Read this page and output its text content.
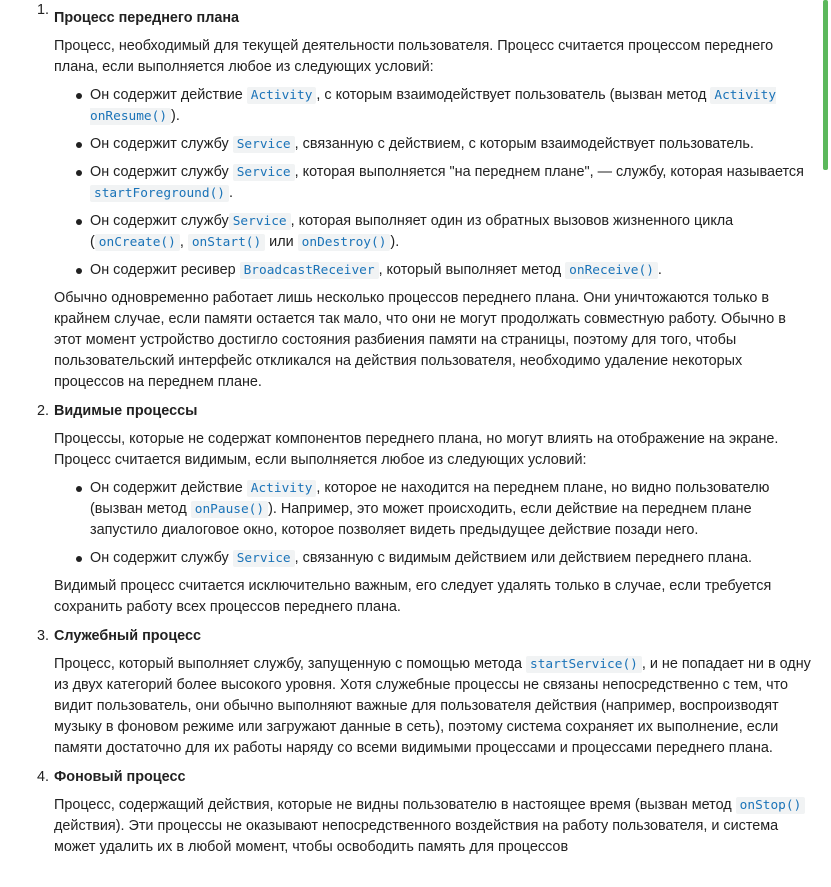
1. Процесс переднего плана

Процесс, необходимый для текущей деятельности пользователя. Процесс считается процессом переднего плана, если выполняется любое из следующих условий:

Он содержит действие Activity , с которым взаимодействует пользователь (вызван метод Activity onResume() ).
Он содержит службу Service , связанную с действием, с которым взаимодействует пользователь.
Он содержит службу Service , которая выполняется "на переднем плане", — службу, которая называется startForeground() .
Он содержит службу Service , которая выполняет один из обратных вызовов жизненного цикла ( onCreate() , onStart() или onDestroy() ).
Он содержит ресивер BroadcastReceiver , который выполняет метод onReceive() .

Обычно одновременно работает лишь несколько процессов переднего плана. Они уничтожаются только в крайнем случае, если памяти остается так мало, что они не могут продолжать совместную работу. Обычно в этот момент устройство достигло состояния разбиения памяти на страницы, поэтому для того, чтобы пользовательский интерфейс откликался на действия пользователя, необходимо удаление некоторых процессов на переднем плане.

2. Видимые процессы

Процессы, которые не содержат компонентов переднего плана, но могут влиять на отображение на экране. Процесс считается видимым, если выполняется любое из следующих условий:

Он содержит действие Activity , которое не находится на переднем плане, но видно пользователю (вызван метод onPause() ). Например, это может происходить, если действие на переднем плане запустило диалоговое окно, которое позволяет видеть предыдущее действие позади него.
Он содержит службу Service , связанную с видимым действием или действием переднего плана.

Видимый процесс считается исключительно важным, его следует удалять только в случае, если требуется сохранить работу всех процессов переднего плана.

3. Служебный процесс

Процесс, который выполняет службу, запущенную с помощью метода startService() , и не попадает ни в одну из двух категорий более высокого уровня. Хотя служебные процессы не связаны непосредственно с тем, что видит пользователь, они обычно выполняют важные для пользователя действия (например, воспроизводят музыку в фоновом режиме или загружают данные в сеть), поэтому система сохраняет их выполнение, если памяти достаточно для их работы наряду со всеми видимыми процессами и процессами переднего плана.

4. Фоновый процесс

Процесс, содержащий действия, которые не видны пользователю в настоящее время (вызван метод onStop() действия). Эти процессы не оказывают непосредственного воздействия на работу пользователя, и система может удалить их в любой момент, чтобы освободить память для процессов
